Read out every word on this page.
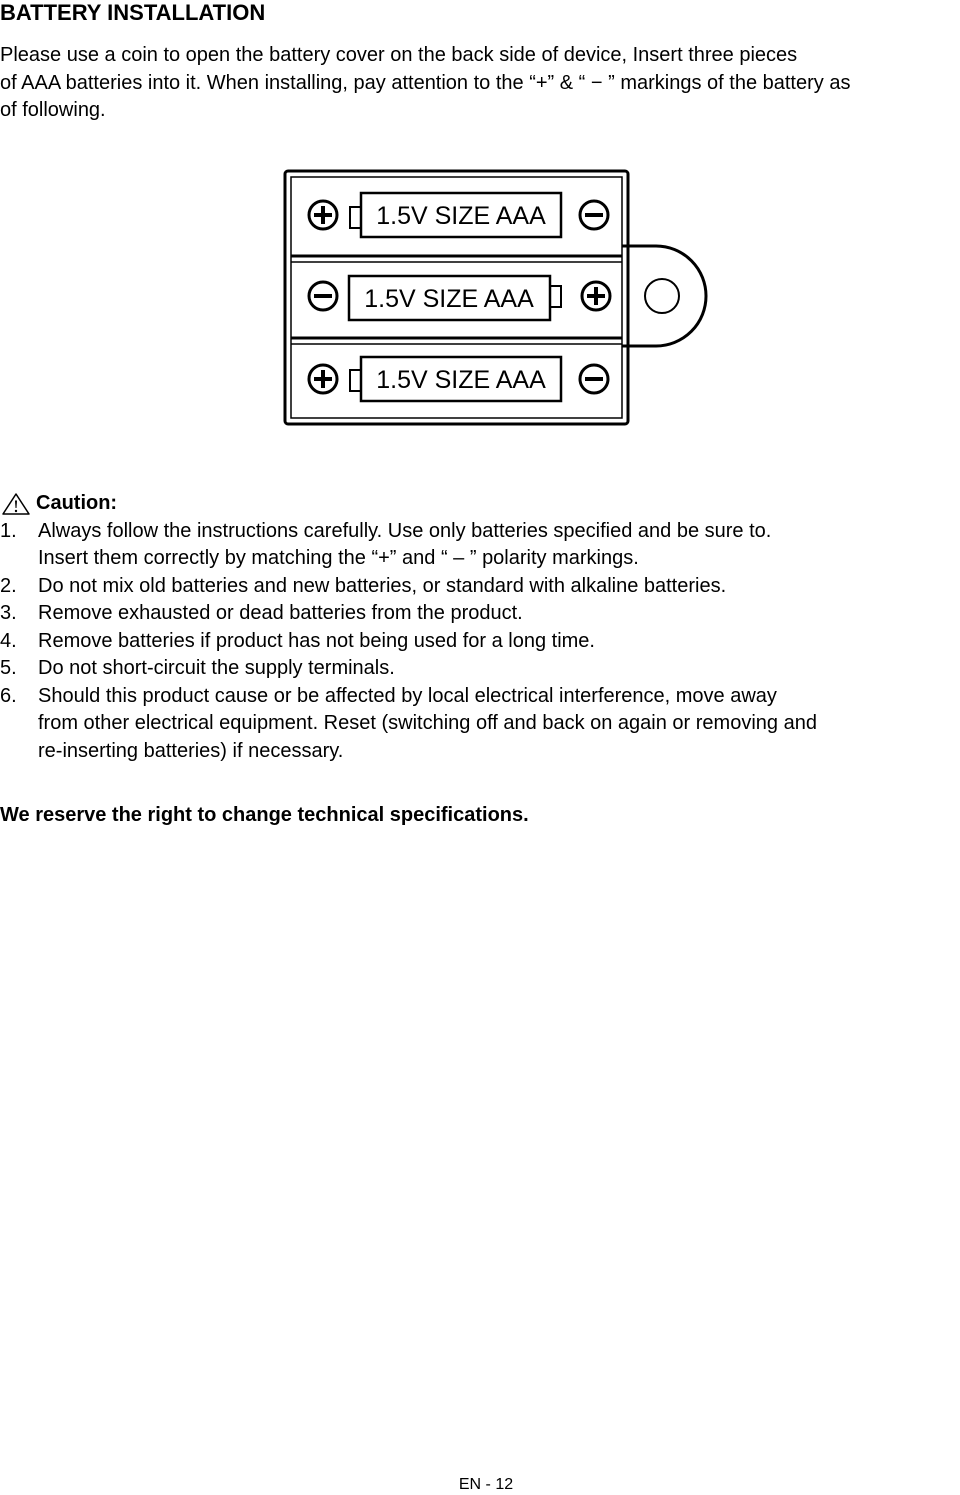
BATTERY INSTALLATION

Please use a coin to open the battery cover on the back side of device, Insert three pieces
of AAA batteries into it. When installing, pay attention to the “+” & “ − ” markings of the battery as
of following.

1.5V SIZE AAA
1.5V SIZE AAA
1.5V SIZE AAA
Caution:
1. Always follow the instructions carefully. Use only batteries specified and be sure to.
Insert them correctly by matching the “+” and “ – ” polarity markings.
2. Do not mix old batteries and new batteries, or standard with alkaline batteries.
3. Remove exhausted or dead batteries from the product.
4. Remove batteries if product has not being used for a long time.
5. Do not short-circuit the supply terminals.
6. Should this product cause or be affected by local electrical interference, move away
from other electrical equipment. Reset (switching off and back on again or removing and
re-inserting batteries) if necessary.

We reserve the right to change technical specifications.

EN - 12
